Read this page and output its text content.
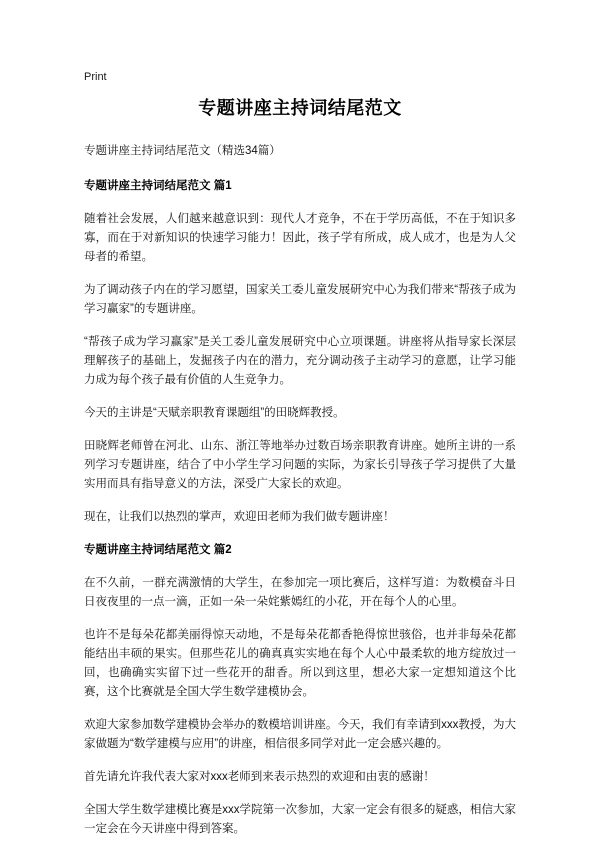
Print
专题讲座主持词结尾范文

专题讲座主持词结尾范文（精选34篇）

专题讲座主持词结尾范文 篇1

随着社会发展，人们越来越意识到：现代人才竞争，不在于学历高低，不在于知识多寡，而在于对新知识的快速学习能力！因此，孩子学有所成，成人成才，也是为人父母者的希望。

为了调动孩子内在的学习愿望，国家关工委儿童发展研究中心为我们带来“帮孩子成为学习赢家”的专题讲座。

“帮孩子成为学习赢家”是关工委儿童发展研究中心立项课题。讲座将从指导家长深层理解孩子的基础上，发掘孩子内在的潜力，充分调动孩子主动学习的意愿，让学习能力成为每个孩子最有价值的人生竞争力。

今天的主讲是“天赋亲职教育课题组”的田晓辉教授。

田晓辉老师曾在河北、山东、浙江等地举办过数百场亲职教育讲座。她所主讲的一系列学习专题讲座，结合了中小学生学习问题的实际，为家长引导孩子学习提供了大量实用而具有指导意义的方法，深受广大家长的欢迎。

现在，让我们以热烈的掌声，欢迎田老师为我们做专题讲座！

专题讲座主持词结尾范文 篇2

在不久前，一群充满激情的大学生，在参加完一项比赛后，这样写道：为数模奋斗日日夜夜里的一点一滴，正如一朵一朵姹紫嫣红的小花，开在每个人的心里。

也许不是每朵花都美丽得惊天动地，不是每朵花都香艳得惊世骇俗，也并非每朵花都能结出丰硕的果实。但那些花儿的确真真实实地在每个人心中最柔软的地方绽放过一回，也确确实实留下过一些花开的甜香。所以到这里，想必大家一定想知道这个比赛，这个比赛就是全国大学生数学建模协会。

欢迎大家参加数学建模协会举办的数模培训讲座。今天，我们有幸请到xxx教授，为大家做题为“数学建模与应用”的讲座，相信很多同学对此一定会感兴趣的。

首先请允许我代表大家对xxx老师到来表示热烈的欢迎和由衷的感谢！

全国大学生数学建模比赛是xxx学院第一次参加，大家一定会有很多的疑惑，相信大家一定会在今天讲座中得到答案。
